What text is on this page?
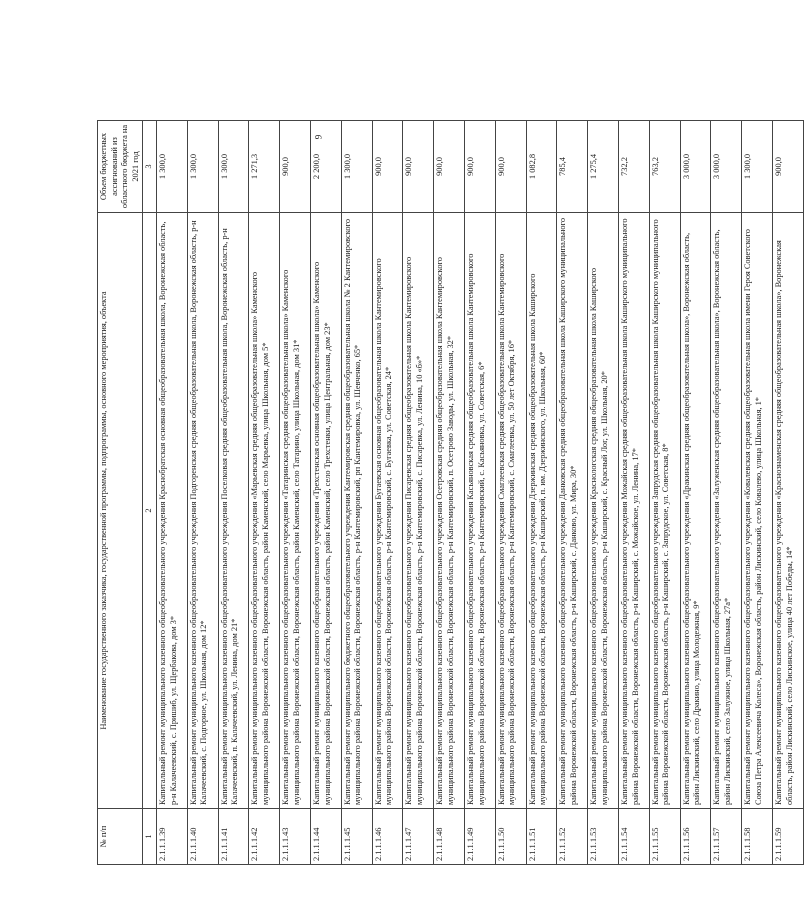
9
№ п/п	Наименование государственного заказчика, государственной программы, подпрограммы, основного мероприятия, объекта	Объем бюджетных ассигнований из областного бюджета на 2021 год
1	2	3
2.1.1.1.39	Капитальный ремонт муниципального казенного общеобразовательного учреждения Краснобратская основная общеобразовательная школа, Воронежская область, р-н Калачеевский, с. Пришиб, ул. Щербакова, дом 3*	1 300,0
2.1.1.1.40	Капитальный ремонт муниципального казенного общеобразовательного учреждения Подгоренская средняя общеобразовательная школа, Воронежская область, р-н Калачеевский, с. Подгорное, ул. Школьная, дом 12*	1 300,0
2.1.1.1.41	Капитальный ремонт муниципального казенного общеобразовательного учреждения Поселковая средняя общеобразовательная школа, Воронежская область, р-н Калачеевский, п. Калачеевский, ул. Ленина, дом 21*	1 300,0
2.1.1.1.42	Капитальный ремонт муниципального казенного общеобразовательного учреждения «Марьевская средняя общеобразовательная школа» Каменского муниципального района Воронежской области, Воронежская область, район Каменский, село Марьевка, улица Школьная, дом 5*	1 271,3
2.1.1.1.43	Капитальный ремонт муниципального казенного общеобразовательного учреждения «Татаринская средняя общеобразовательная школа» Каменского муниципального района Воронежской области, Воронежская область, район Каменский, село Татарино, улица Школьная, дом 31*	900,0
2.1.1.1.44	Капитальный ремонт муниципального казенного общеобразовательного учреждения «Трехстенская основная общеобразовательная школа» Каменского муниципального района Воронежской области, Воронежская область, район Каменский, село Трехстенки, улица Центральная, дом 23*	2 200,0
2.1.1.1.45	Капитальный ремонт муниципального бюджетного общеобразовательного учреждения Кантемировская средняя общеобразовательная школа № 2 Кантемировского муниципального района Воронежской области, Воронежская область, р-н Кантемировский, рп Кантемировка, ул. Шевченко, 65*	1 300,0
2.1.1.1.46	Капитальный ремонт муниципального казенного общеобразовательного учреждения Бугаевская основная общеобразовательная школа Кантемировского муниципального района Воронежской области, Воронежская область, р-н Кантемировский, с. Бугаевка, ул. Советская, 24*	900,0
2.1.1.1.47	Капитальный ремонт муниципального казенного общеобразовательного учреждения Писаревская средняя общеобразовательная школа Кантемировского муниципального района Воронежской области, Воронежская область, р-н Кантемировский, с. Писаревка, ул. Ленина, 10 «б»*	900,0
2.1.1.1.48	Капитальный ремонт муниципального казенного общеобразовательного учреждения Осетровская средняя общеобразовательная школа Кантемировского муниципального района Воронежской области, Воронежская область, р-н Кантемировский, п. Осетрово Заводы, ул. Школьная, 32*	900,0
2.1.1.1.49	Капитальный ремонт муниципального казенного общеобразовательного учреждения Касьяновская средняя общеобразовательная школа Кантемировского муниципального района Воронежской области, Воронежская область, р-н Кантемировский, с. Касьяновка, ул. Советская, 6*	900,0
2.1.1.1.50	Капитальный ремонт муниципального казенного общеобразовательного учреждения Смаглеевская средняя общеобразовательная школа Кантемировского муниципального района Воронежской области, Воронежская область, р-н Кантемировский, с. Смаглеевка, ул. 50 лет Октября, 16*	900,0
2.1.1.1.51	Капитальный ремонт муниципального казенного общеобразовательного учреждения Дзержинская средняя общеобразовательная школа Каширского муниципального района Воронежской области, Воронежская область, р-н Каширский, п. им. Дзержинского, ул. Школьная, 60*	1 082,8
2.1.1.1.52	Капитальный ремонт муниципального казенного общеобразовательного учреждения Данковская средняя общеобразовательная школа Каширского муниципального района Воронежской области, Воронежская область, р-н Каширский, с. Данково, ул. Мира, 30*	785,4
2.1.1.1.53	Капитальный ремонт муниципального казенного общеобразовательного учреждения Краснологская средняя общеобразовательная школа Каширского муниципального района Воронежской области, Воронежская область, р-н Каширский, с. Красный Лог, ул. Школьная, 20*	1 275,4
2.1.1.1.54	Капитальный ремонт муниципального казенного общеобразовательного учреждения Можайская средняя общеобразовательная школа Каширского муниципального района Воронежской области, Воронежская область, р-н Каширский, с. Можайское, ул. Ленина, 17*	732,2
2.1.1.1.55	Капитальный ремонт муниципального казенного общеобразовательного учреждения Запрудская средняя общеобразовательная школа Каширского муниципального района Воронежской области, Воронежская область, р-н Каширский, с. Запрудское, ул. Советская, 8*	763,2
2.1.1.1.56	Капитальный ремонт муниципального казенного общеобразовательного учреждения «Дракинская средняя общеобразовательная школа», Воронежская область, район Лискинский, село Дракино, улица Молодежная, 9*	3 000,0
2.1.1.1.57	Капитальный ремонт муниципального казенного общеобразовательного учреждения «Залуженская средняя общеобразовательная школа», Воронежская область, район Лискинский, село Залужное, улица Школьная, 27а*	3 000,0
2.1.1.1.58	Капитальный ремонт муниципального казенного общеобразовательного учреждения «Ковалевская средняя общеобразовательная школа имени Героя Советского Союза Петра Алексеевича Колеса», Воронежская область, район Лискинский, село Ковалево, улица Школьная, 1*	1 300,0
2.1.1.1.59	Капитальный ремонт муниципального казенного общеобразовательного учреждения «Краснознаменская средняя общеобразовательная школа», Воронежская область, район Лискинский, село Лискинское, улица 40 лет Победы, 14*	900,0
